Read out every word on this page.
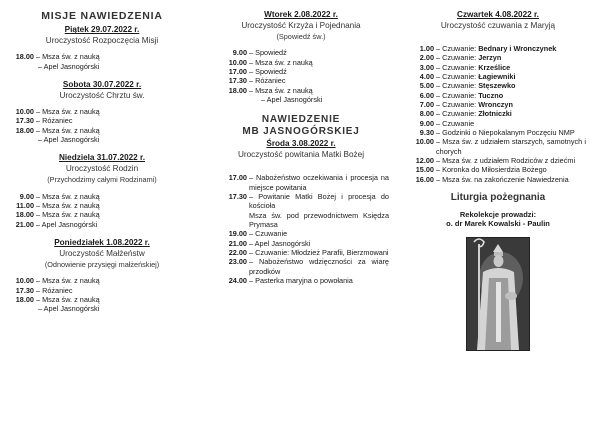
MISJE NAWIEDZENIA
Piątek 29.07.2022 r.
Uroczystość Rozpoczęcia Misji
18.00 – Msza św. z nauką
– Apel Jasnogórski
Sobota 30.07.2022 r.
Uroczystość Chrztu św.
10.00 – Msza św. z nauką
17.30 – Różaniec
18.00 – Msza św. z nauką
– Apel Jasnogórski
Niedziela 31.07.2022 r.
Uroczystość Rodzin
(Przychodzimy całymi Rodzinami)
9.00 – Msza św. z nauką
11.00 – Msza św. z nauką
18.00 – Msza św. z nauką
21.00 – Apel Jasnogórski
Poniedziałek 1.08.2022 r.
Uroczystość Małżeństw
(Odnowienie przysięgi małżeńskiej)
10.00 – Msza św. z nauką
17.30 – Różaniec
18.00 – Msza św. z nauką
– Apel Jasnogórski
Wtorek 2.08.2022 r.
Uroczystość Krzyża i Pojednania
(Spowiedź św.)
9.00 – Spowiedź
10.00 – Msza św. z nauką
17.00 – Spowiedź
17.30 – Różaniec
18.00 – Msza św. z nauką
– Apel Jasnogórski
NAWIEDZENIE
MB JASNOGÓRSKIEJ
Środa 3.08.2022 r.
Uroczystość powitania Matki Bożej
17.00 – Nabożeństwo oczekiwania i procesja na miejsce powitania
17.30 – Powitanie Matki Bożej i procesja do kościoła
Msza św. pod przewodnictwem Księdza Prymasa
19.00 – Czuwanie
21.00 – Apel Jasnogórski
22.00 – Czuwanie: Młodzież Parafii, Bierzmowani
23.00 – Nabożeństwo wdzięczności za wiarę przodków
24.00 – Pasterka maryjna o powołania
Czwartek 4.08.2022 r.
Uroczystość czuwania z Maryją
1.00 – Czuwanie: Bednary i Wronczynek
2.00 – Czuwanie: Jerzyn
3.00 – Czuwanie: Krześlice
4.00 – Czuwanie: Łagiewniki
5.00 – Czuwanie: Stęszewko
6.00 – Czuwanie: Tuczno
7.00 – Czuwanie: Wronczyn
8.00 – Czuwanie: Złotniczki
9.00 – Czuwanie
9.30 – Godzinki o Niepokalanym Poczęciu NMP
10.00 – Msza św. z udziałem starszych, samotnych i chorych
12.00 – Msza św. z udziałem Rodziców z dziećmi
15.00 – Koronka do Miłosierdzia Bożego
16.00 – Msza św. na zakończenie Nawiedzenia
Liturgia pożegnania
Rekolekcje prowadzi:
o. dr Marek Kowalski - Paulin
